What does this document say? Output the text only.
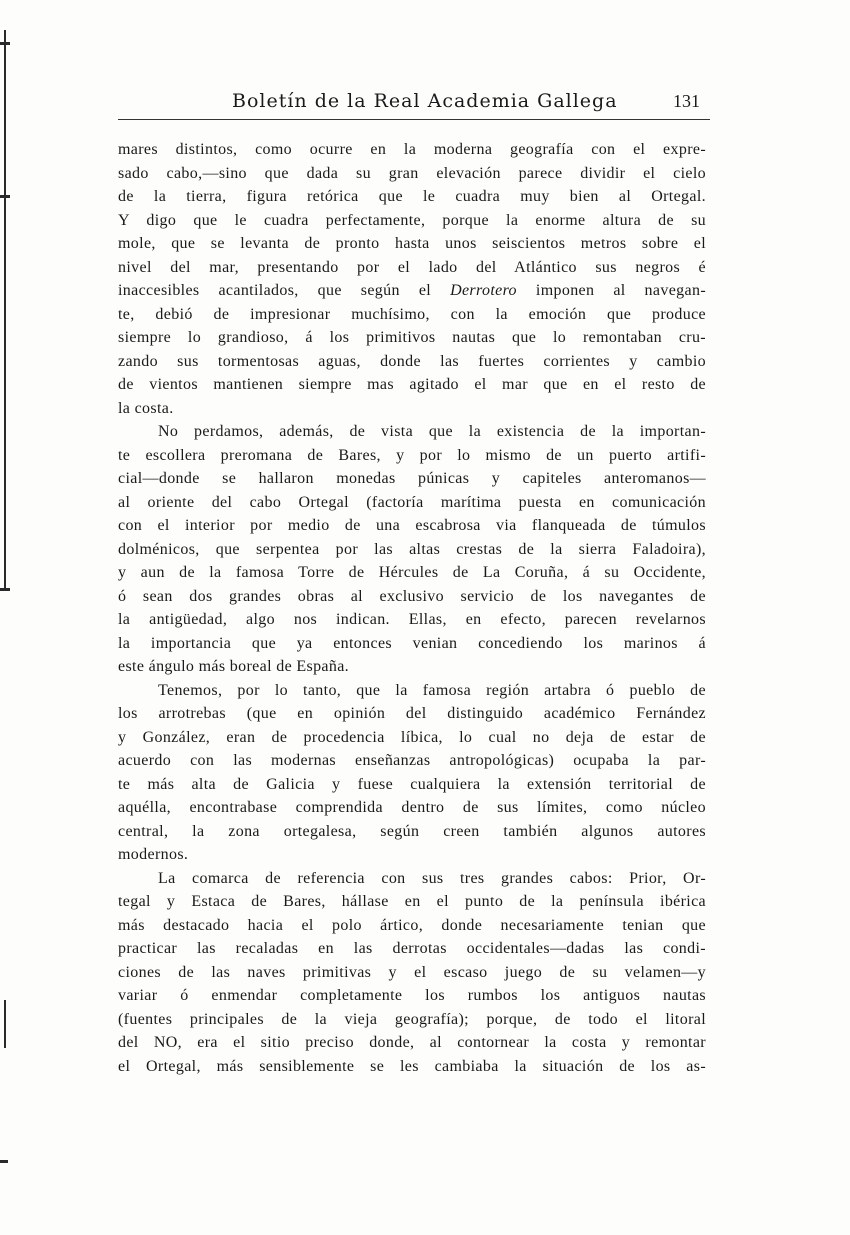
Boletín de la Real Academia Gallega	131
mares distintos, como ocurre en la moderna geografía con el expre-
sado cabo,—sino que dada su gran elevación parece dividir el cielo
de la tierra, figura retórica que le cuadra muy bien al Ortegal.
Y digo que le cuadra perfectamente, porque la enorme altura de su
mole, que se levanta de pronto hasta unos seiscientos metros sobre el
nivel del mar, presentando por el lado del Atlántico sus negros é
inaccesibles acantilados, que según el Derrotero imponen al navegan-
te, debió de impresionar muchísimo, con la emoción que produce
siempre lo grandioso, á los primitivos nautas que lo remontaban cru-
zando sus tormentosas aguas, donde las fuertes corrientes y cambio
de vientos mantienen siempre mas agitado el mar que en el resto de
la costa.
No perdamos, además, de vista que la existencia de la importan-
te escollera preromana de Bares, y por lo mismo de un puerto artifi-
cial—donde se hallaron monedas púnicas y capiteles anteromanos—
al oriente del cabo Ortegal (factoría marítima puesta en comunicación
con el interior por medio de una escabrosa via flanqueada de túmulos
dolménicos, que serpentea por las altas crestas de la sierra Faladoira),
y aun de la famosa Torre de Hércules de La Coruña, á su Occidente,
ó sean dos grandes obras al exclusivo servicio de los navegantes de
la antigüedad, algo nos indican. Ellas, en efecto, parecen revelarnos
la importancia que ya entonces venian concediendo los marinos á
este ángulo más boreal de España.
Tenemos, por lo tanto, que la famosa región artabra ó pueblo de
los arrotrebas (que en opinión del distinguido académico Fernández
y González, eran de procedencia líbica, lo cual no deja de estar de
acuerdo con las modernas enseñanzas antropológicas) ocupaba la par-
te más alta de Galicia y fuese cualquiera la extensión territorial de
aquélla, encontrabase comprendida dentro de sus límites, como núcleo
central, la zona ortegalesa, según creen también algunos autores
modernos.
La comarca de referencia con sus tres grandes cabos: Prior, Or-
tegal y Estaca de Bares, hállase en el punto de la península ibérica
más destacado hacia el polo ártico, donde necesariamente tenian que
practicar las recaladas en las derrotas occidentales—dadas las condi-
ciones de las naves primitivas y el escaso juego de su velamen—y
variar ó enmendar completamente los rumbos los antiguos nautas
(fuentes principales de la vieja geografía); porque, de todo el litoral
del NO, era el sitio preciso donde, al contornear la costa y remontar
el Ortegal, más sensiblemente se les cambiaba la situación de los as-
